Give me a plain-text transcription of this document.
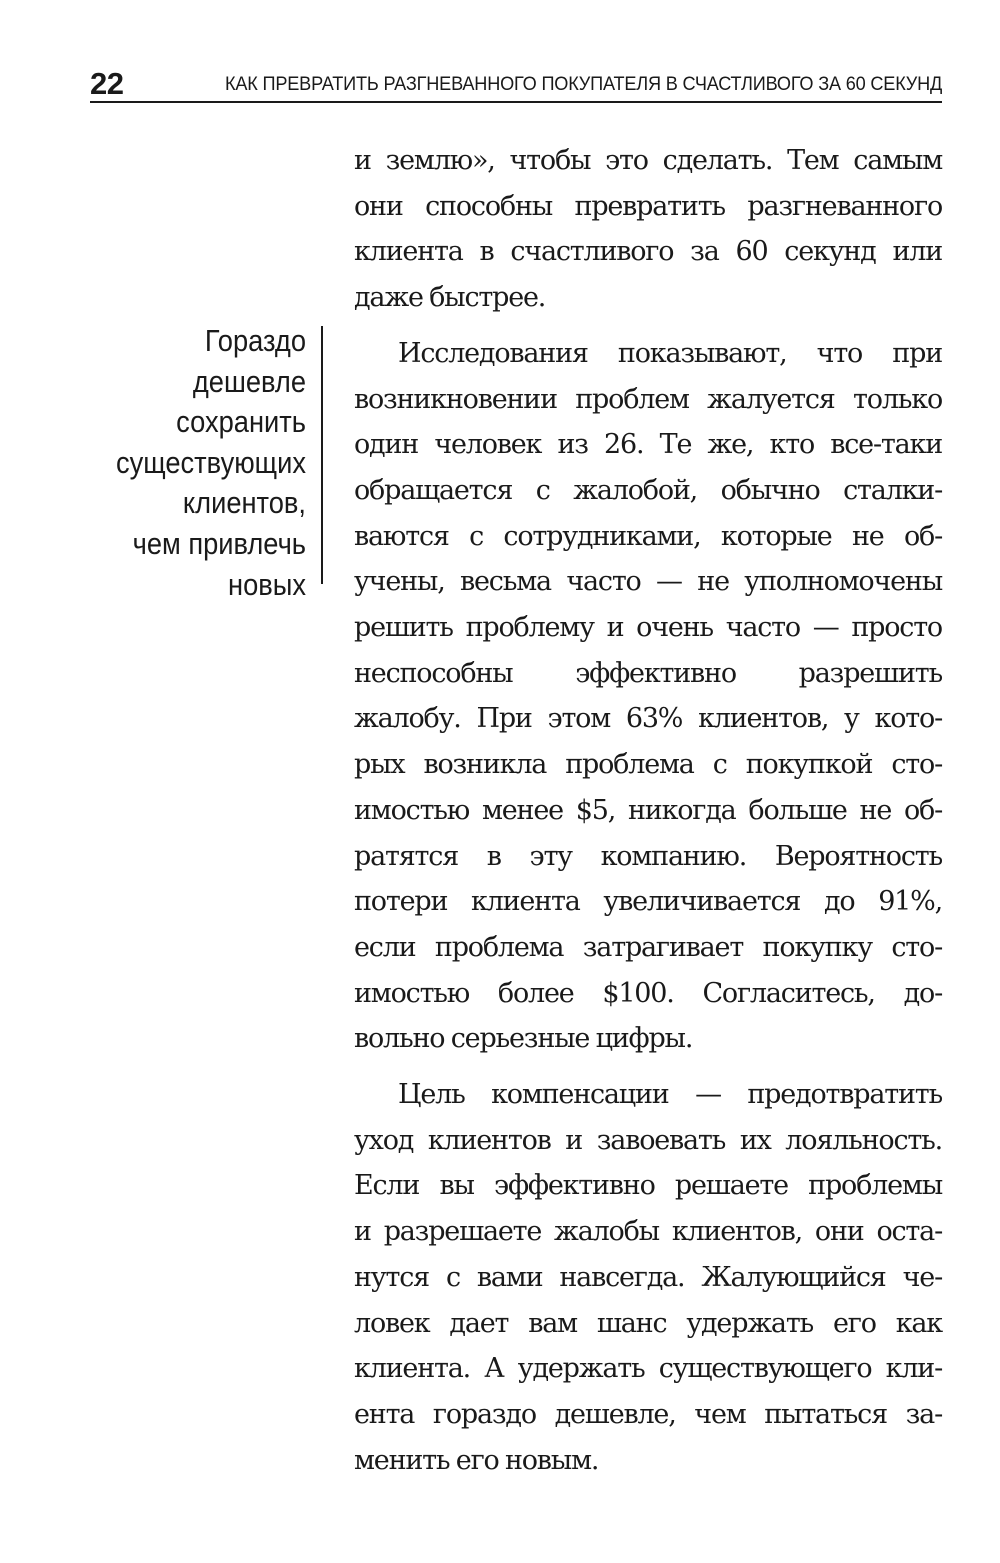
22	КАК ПРЕВРАТИТЬ РАЗГНЕВАННОГО ПОКУПАТЕЛЯ В СЧАСТЛИВОГО ЗА 60 СЕКУНД
Гораздо
дешевле
сохранить
существующих
клиентов,
чем привлечь
новых
и землю», чтобы это сделать. Тем самым
они способны превратить разгневанного
клиента в счастливого за 60 секунд или
даже быстрее.
Исследования показывают, что при
возникновении проблем жалуется только
один человек из 26. Те же, кто все-таки
обращается с жалобой, обычно сталки-
ваются с сотрудниками, которые не об-
учены, весьма часто — не уполномочены
решить проблему и очень часто — просто
неспособны эффективно разрешить
жалобу. При этом 63% клиентов, у кото-
рых возникла проблема с покупкой сто-
имостью менее $5, никогда больше не об-
ратятся в эту компанию. Вероятность
потери клиента увеличивается до 91%,
если проблема затрагивает покупку сто-
имостью более $100. Согласитесь, до-
вольно серьезные цифры.
Цель компенсации — предотвратить
уход клиентов и завоевать их лояльность.
Если вы эффективно решаете проблемы
и разрешаете жалобы клиентов, они оста-
нутся с вами навсегда. Жалующийся че-
ловек дает вам шанс удержать его как
клиента. А удержать существующего кли-
ента гораздо дешевле, чем пытаться за-
менить его новым.
